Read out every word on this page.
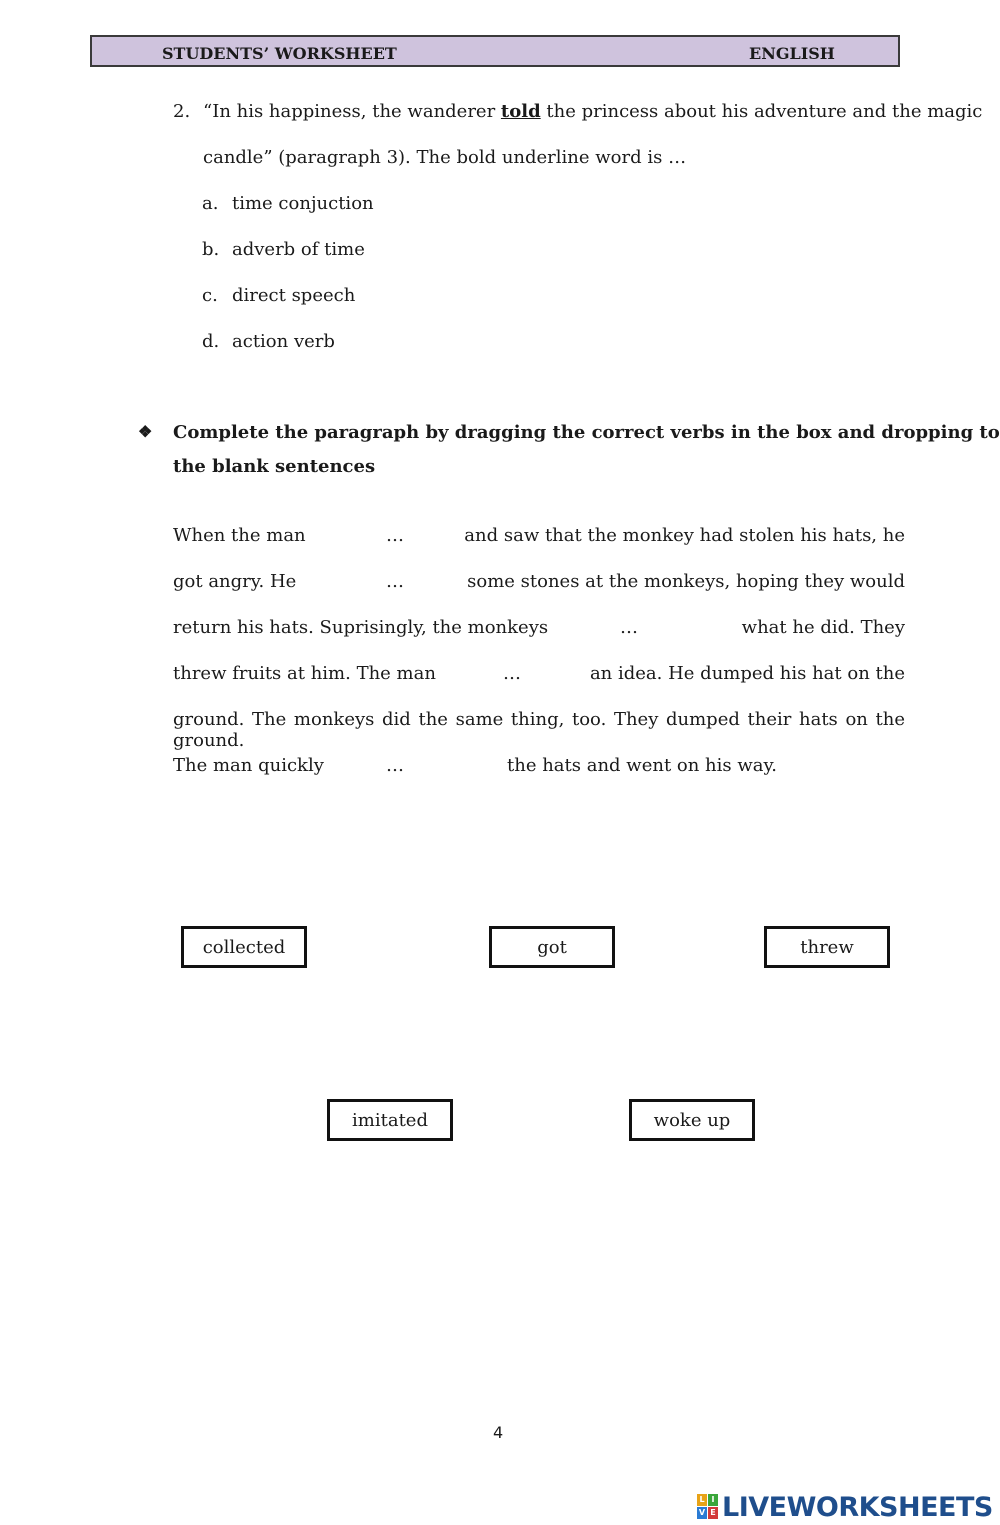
STUDENTS’ WORKSHEET	ENGLISH
2. “In his happiness, the wanderer told the princess about his adventure and the magic
candle” (paragraph 3). The bold underline word is …
a. time conjuction
b. adverb of time
c. direct speech
d. action verb
❖ Complete the paragraph by dragging the correct verbs in the box and dropping to
the blank sentences
When the man	…	and saw that the monkey had stolen his hats, he
got angry. He	…	some stones at the monkeys, hoping they would
return his hats. Suprisingly, the monkeys	…	what he did. They
threw fruits at him. The man	…	an idea. He dumped his hat on the
ground. The monkeys did the same thing, too. They dumped their hats on the ground.
The man quickly	…	the hats and went on his way.
collected	got	threw
imitated	woke up
4
L I
V E LIVEWORKSHEETS
